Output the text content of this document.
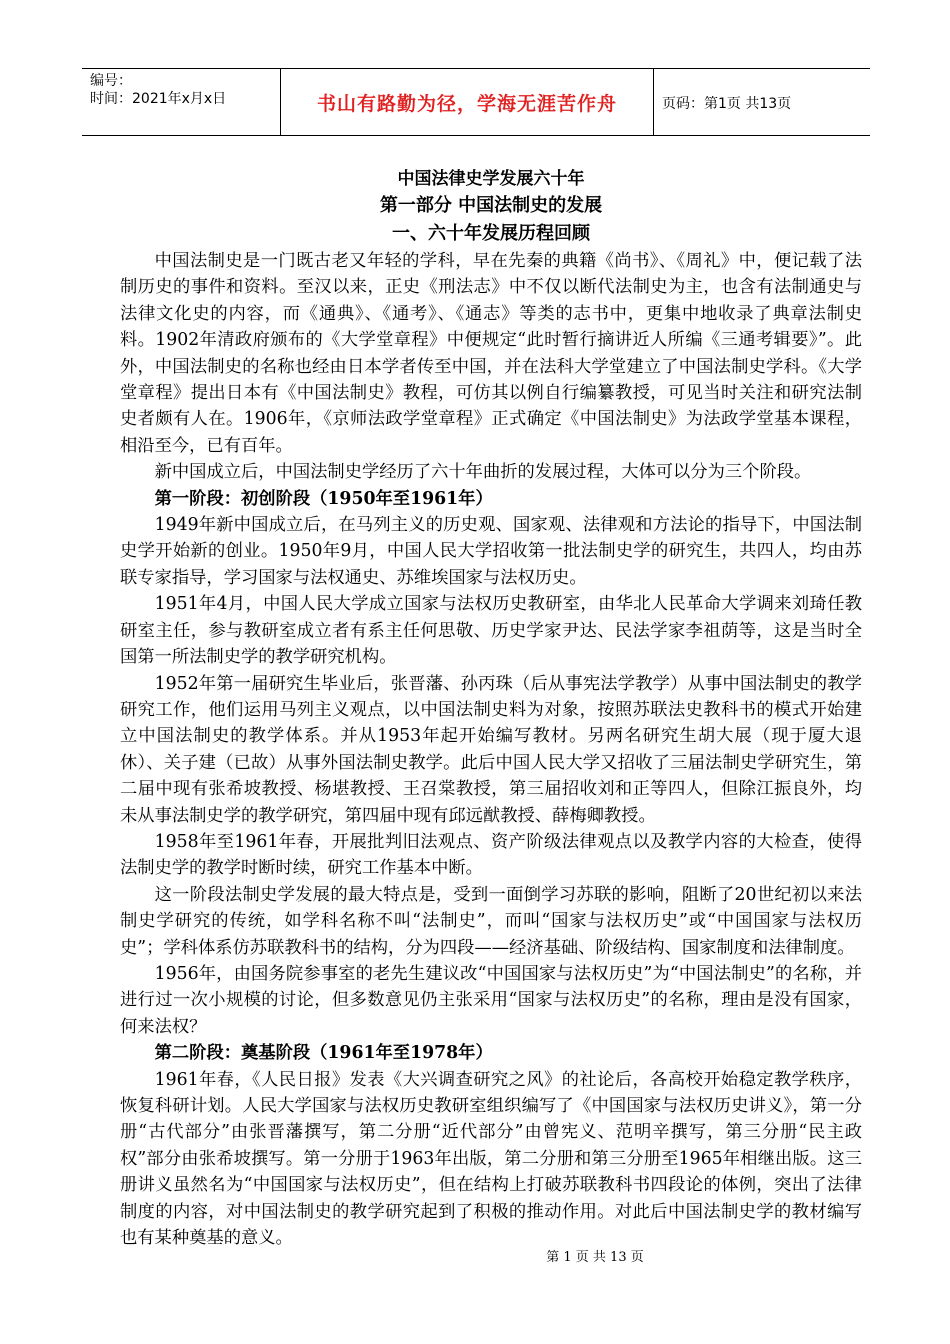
编号：
时间：2021年x月x日	书山有路勤为径，学海无涯苦作舟	页码：第1页 共13页
中国法律史学发展六十年
第一部分 中国法制史的发展
一、六十年发展历程回顾

中国法制史是一门既古老又年轻的学科，早在先秦的典籍《尚书》、《周礼》中，便记载了法制历史的事件和资料。至汉以来，正史《刑法志》中不仅以断代法制史为主，也含有法制通史与法律文化史的内容，而《通典》、《通考》、《通志》等类的志书中，更集中地收录了典章法制史料。1902年清政府颁布的《大学堂章程》中便规定“此时暂行摘讲近人所编《三通考辑要》”。此外，中国法制史的名称也经由日本学者传至中国，并在法科大学堂建立了中国法制史学科。《大学堂章程》提出日本有《中国法制史》教程，可仿其以例自行编纂教授，可见当时关注和研究法制史者颇有人在。1906年，《京师法政学堂章程》正式确定《中国法制史》为法政学堂基本课程，相沿至今，已有百年。

新中国成立后，中国法制史学经历了六十年曲折的发展过程，大体可以分为三个阶段。

第一阶段：初创阶段（1950年至1961年）

1949年新中国成立后，在马列主义的历史观、国家观、法律观和方法论的指导下，中国法制史学开始新的创业。1950年9月，中国人民大学招收第一批法制史学的研究生，共四人，均由苏联专家指导，学习国家与法权通史、苏维埃国家与法权历史。

1951年4月，中国人民大学成立国家与法权历史教研室，由华北人民革命大学调来刘琦任教研室主任，参与教研室成立者有系主任何思敬、历史学家尹达、民法学家李祖荫等，这是当时全国第一所法制史学的教学研究机构。

1952年第一届研究生毕业后，张晋藩、孙丙珠（后从事宪法学教学）从事中国法制史的教学研究工作，他们运用马列主义观点，以中国法制史料为对象，按照苏联法史教科书的模式开始建立中国法制史的教学体系。并从1953年起开始编写教材。另两名研究生胡大展（现于厦大退休）、关子建（已故）从事外国法制史教学。此后中国人民大学又招收了三届法制史学研究生，第二届中现有张希坡教授、杨堪教授、王召棠教授，第三届招收刘和正等四人，但除江振良外，均未从事法制史学的教学研究，第四届中现有邱远猷教授、薛梅卿教授。

1958年至1961年春，开展批判旧法观点、资产阶级法律观点以及教学内容的大检查，使得法制史学的教学时断时续，研究工作基本中断。

这一阶段法制史学发展的最大特点是，受到一面倒学习苏联的影响，阻断了20世纪初以来法制史学研究的传统，如学科名称不叫“法制史”，而叫“国家与法权历史”或“中国国家与法权历史”；学科体系仿苏联教科书的结构，分为四段——经济基础、阶级结构、国家制度和法律制度。

1956年，由国务院参事室的老先生建议改“中国国家与法权历史”为“中国法制史”的名称，并进行过一次小规模的讨论，但多数意见仍主张采用“国家与法权历史”的名称，理由是没有国家，何来法权？

第二阶段：奠基阶段（1961年至1978年）

1961年春，《人民日报》发表《大兴调查研究之风》的社论后，各高校开始稳定教学秩序，恢复科研计划。人民大学国家与法权历史教研室组织编写了《中国国家与法权历史讲义》，第一分册“古代部分”由张晋藩撰写，第二分册“近代部分”由曾宪义、范明辛撰写，第三分册“民主政权”部分由张希坡撰写。第一分册于1963年出版，第二分册和第三分册至1965年相继出版。这三册讲义虽然名为“中国国家与法权历史”，但在结构上打破苏联教科书四段论的体例，突出了法律制度的内容，对中国法制史的教学研究起到了积极的推动作用。对此后中国法制史学的教材编写也有某种奠基的意义。

第 1 页 共 13 页
